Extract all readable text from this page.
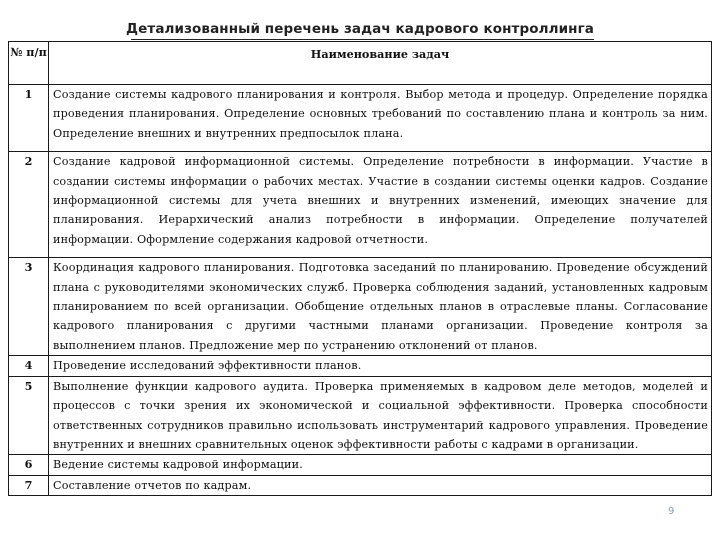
Детализованный перечень задач кадрового контроллинга
№ п/п	Наименование задач
1	Создание системы кадрового планирования и контроля. Выбор метода и процедур. Определение порядка проведения планирования. Определение основных требований по составлению плана и контроль за ним. Определение внешних и внутренних предпосылок плана.
2	Создание кадровой информационной системы. Определение потребности в информации. Участие в создании системы информации о рабочих местах. Участие в создании системы оценки кадров. Создание информационной системы для учета внешних и внутренних изменений, имеющих значение для планирования. Иерархический анализ потребности в информации. Определение получателей информации. Оформление содержания кадровой отчетности.
3	Координация кадрового планирования. Подготовка заседаний по планированию. Проведение обсуждений плана с руководителями экономических служб. Проверка соблюдения заданий, установленных кадровым планированием по всей организации. Обобщение отдельных планов в отраслевые планы. Согласование кадрового планирования с другими частными планами организации. Проведение контроля за выполнением планов. Предложение мер по устранению отклонений от планов.
4	Проведение исследований эффективности планов.
5	Выполнение функции кадрового аудита. Проверка применяемых в кадровом деле методов, моделей и процессов с точки зрения их экономической и социальной эффективности. Проверка способности ответственных сотрудников правильно использовать инструментарий кадрового управления. Проведение внутренних и внешних сравнительных оценок эффективности работы с кадрами в организации.
6	Ведение системы кадровой информации.
7	Составление отчетов по кадрам.
9
